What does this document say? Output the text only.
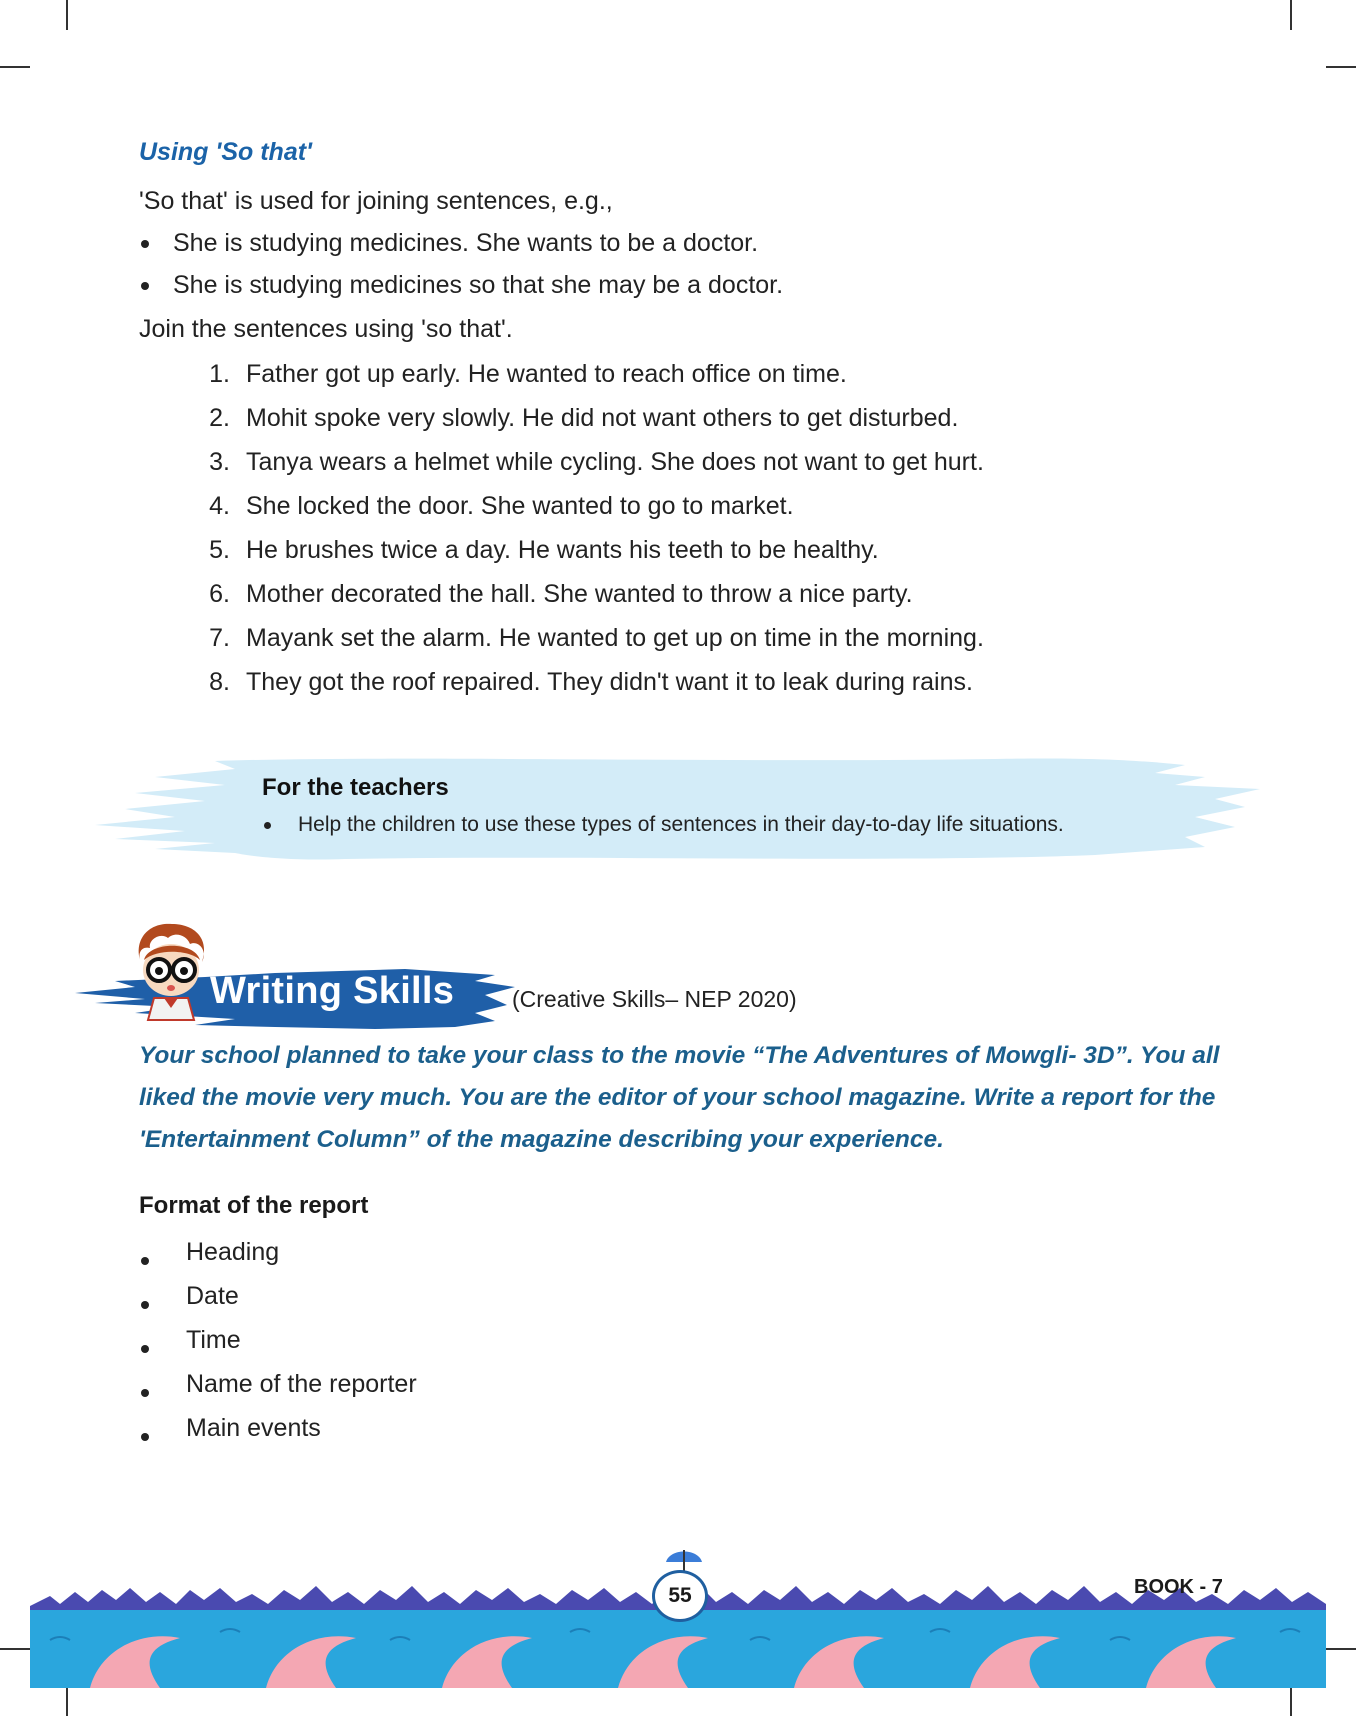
Using 'So that'
'So that' is used for joining sentences, e.g.,
She is studying medicines. She wants to be a doctor.
She is studying medicines so that she may be a doctor.
Join the sentences using 'so that'.
1. Father got up early. He wanted to reach office on time.
2. Mohit spoke very slowly. He did not want others to get disturbed.
3. Tanya wears a helmet while cycling. She does not want to get hurt.
4. She locked the door. She wanted to go to market.
5. He brushes twice a day. He wants his teeth to be healthy.
6. Mother decorated the hall. She wanted to throw a nice party.
7. Mayank set the alarm. He wanted to get up on time in the morning.
8. They got the roof repaired. They didn't want it to leak during rains.
For the teachers
Help the children to use these types of sentences in their day-to-day life situations.
Writing Skills	(Creative Skills– NEP 2020)
Your school planned to take your class to the movie “The Adventures of Mowgli- 3D”. You all liked the movie very much. You are the editor of your school magazine. Write a report for the 'Entertainment Column” of the magazine describing your experience.
Format of the report
Heading
Date
Time
Name of the reporter
Main events
55	BOOK - 7
